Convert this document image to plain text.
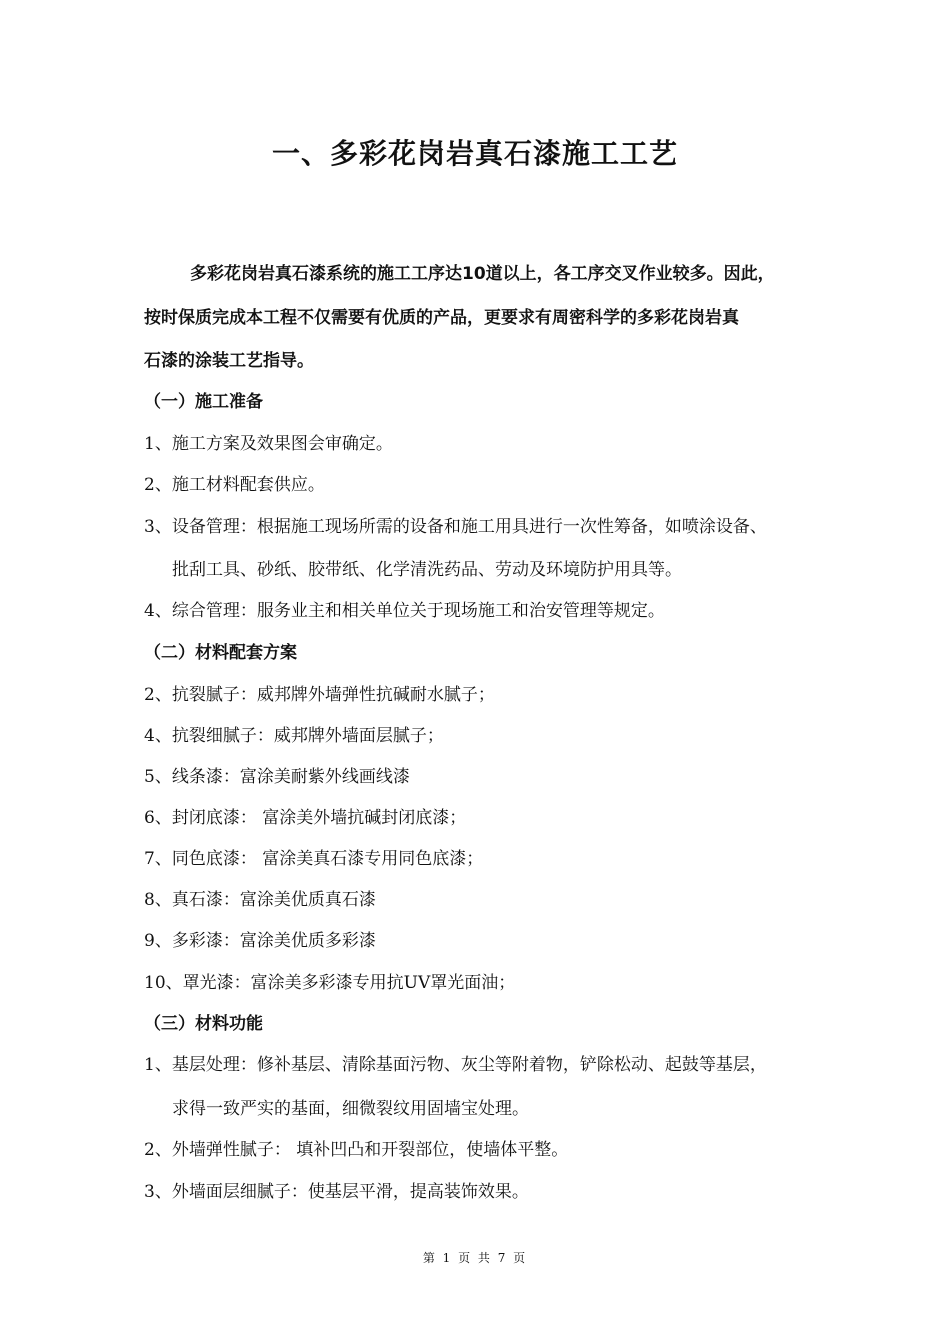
一、多彩花岗岩真石漆施工工艺
多彩花岗岩真石漆系统的施工工序达10道以上，各工序交叉作业较多。因此，
按时保质完成本工程不仅需要有优质的产品，更要求有周密科学的多彩花岗岩真
石漆的涂装工艺指导。
（一）施工准备
1、施工方案及效果图会审确定。
2、施工材料配套供应。
3、设备管理：根据施工现场所需的设备和施工用具进行一次性筹备，如喷涂设备、
批刮工具、砂纸、胶带纸、化学清洗药品、劳动及环境防护用具等。
4、综合管理：服务业主和相关单位关于现场施工和治安管理等规定。
（二）材料配套方案
2、抗裂腻子：威邦牌外墙弹性抗碱耐水腻子；
4、抗裂细腻子：威邦牌外墙面层腻子；
5、线条漆：富涂美耐紫外线画线漆
6、封闭底漆： 富涂美外墙抗碱封闭底漆；
7、同色底漆： 富涂美真石漆专用同色底漆；
8、真石漆：富涂美优质真石漆
9、多彩漆：富涂美优质多彩漆
10、罩光漆：富涂美多彩漆专用抗UV罩光面油；
（三）材料功能
1、基层处理：修补基层、清除基面污物、灰尘等附着物，铲除松动、起鼓等基层，
求得一致严实的基面，细微裂纹用固墙宝处理。
2、外墙弹性腻子： 填补凹凸和开裂部位，使墙体平整。
3、外墙面层细腻子：使基层平滑，提高装饰效果。
第 1 页 共 7 页
